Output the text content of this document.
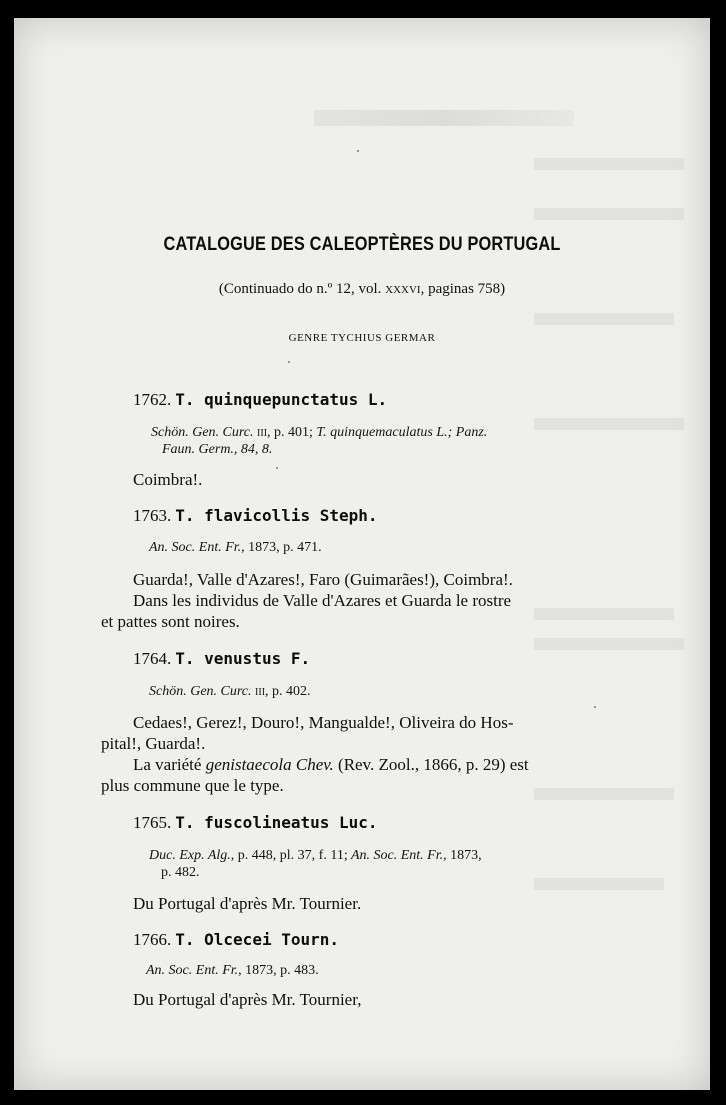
CATALOGUE DES CALEOPTÈRES DU PORTUGAL
(Continuado do n.º 12, vol. xxxvi, paginas 758)
GENRE TYCHIUS GERMAR
1762. T. quinquepunctatus L.
Schön. Gen. Curc. iii, p. 401; T. quinquemaculatus L.; Panz.
Faun. Germ., 84, 8.
Coimbra!.
1763. T. flavicollis Steph.
An. Soc. Ent. Fr., 1873, p. 471.
Guarda!, Valle d'Azares!, Faro (Guimarães!), Coimbra!.
Dans les individus de Valle d'Azares et Guarda le rostre
et pattes sont noires.
1764. T. venustus F.
Schön. Gen. Curc. iii, p. 402.
Cedaes!, Gerez!, Douro!, Mangualde!, Oliveira do Hos-
pital!, Guarda!.
La variété genistaecola Chev. (Rev. Zool., 1866, p. 29) est
plus commune que le type.
1765. T. fuscolineatus Luc.
Duc. Exp. Alg., p. 448, pl. 37, f. 11; An. Soc. Ent. Fr., 1873,
p. 482.
Du Portugal d'après Mr. Tournier.
1766. T. Olcecei Tourn.
An. Soc. Ent. Fr., 1873, p. 483.
Du Portugal d'après Mr. Tournier,
